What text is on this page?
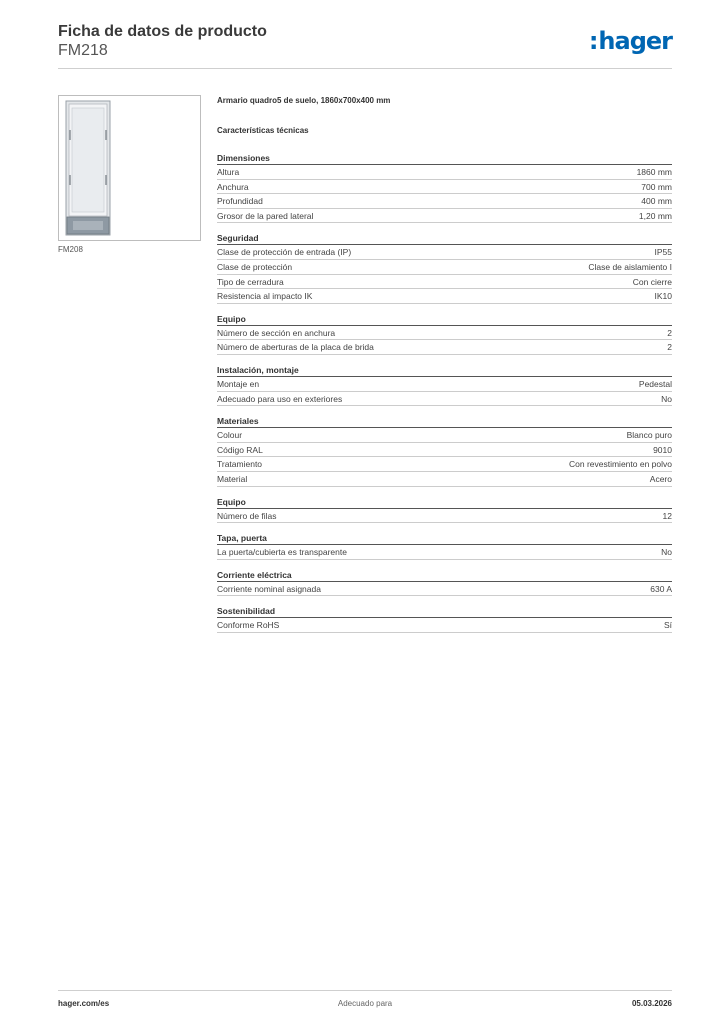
Ficha de datos de producto
FM218	:hager
FM208
Armario quadro5 de suelo, 1860x700x400 mm
Características técnicas
Dimensiones
Altura	1860 mm
Anchura	700 mm
Profundidad	400 mm
Grosor de la pared lateral	1,20 mm
Seguridad
Clase de protección de entrada (IP)	IP55
Clase de protección	Clase de aislamiento I
Tipo de cerradura	Con cierre
Resistencia al impacto IK	IK10
Equipo
Número de sección en anchura	2
Número de aberturas de la placa de brida	2
Instalación, montaje
Montaje en	Pedestal
Adecuado para uso en exteriores	No
Materiales
Colour	Blanco puro
Código RAL	9010
Tratamiento	Con revestimiento en polvo
Material	Acero
Equipo
Número de filas	12
Tapa, puerta
La puerta/cubierta es transparente	No
Corriente eléctrica
Corriente nominal asignada	630 A
Sostenibilidad
Conforme RoHS	Sí
hager.com/es	Adecuado para	05.03.2026
